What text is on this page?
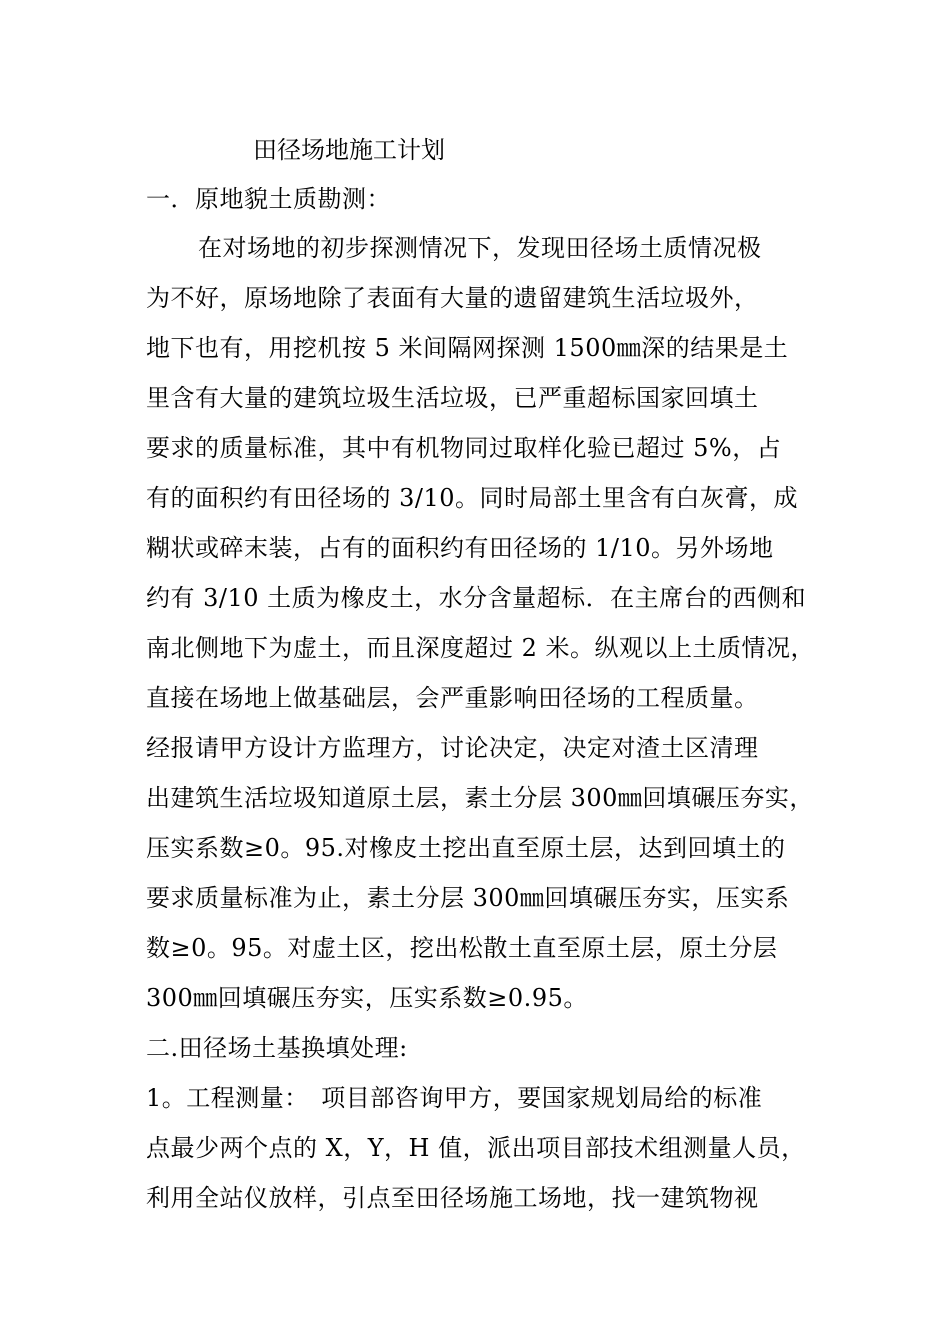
田径场地施工计划
一．原地貌土质勘测：
在对场地的初步探测情况下，发现田径场土质情况极
为不好，原场地除了表面有大量的遗留建筑生活垃圾外，
地下也有，用挖机按 5 米间隔网探测 1500㎜深的结果是土
里含有大量的建筑垃圾生活垃圾，已严重超标国家回填土
要求的质量标准，其中有机物同过取样化验已超过 5%，占
有的面积约有田径场的 3/10。同时局部土里含有白灰膏，成
糊状或碎末装，占有的面积约有田径场的 1/10。另外场地
约有 3/10 土质为橡皮土，水分含量超标．在主席台的西侧和
南北侧地下为虚土，而且深度超过 2 米。纵观以上土质情况，
直接在场地上做基础层，会严重影响田径场的工程质量。
经报请甲方设计方监理方，讨论决定，决定对渣土区清理
出建筑生活垃圾知道原土层，素土分层 300㎜回填碾压夯实，
压实系数≥0。95.对橡皮土挖出直至原土层，达到回填土的
要求质量标准为止，素土分层 300㎜回填碾压夯实，压实系
数≥0。95。对虚土区，挖出松散土直至原土层，原土分层
300㎜回填碾压夯实，压实系数≥0.95。
二.田径场土基换填处理:
1。工程测量：　项目部咨询甲方，要国家规划局给的标准
点最少两个点的 X，Y，H 值，派出项目部技术组测量人员，
利用全站仪放样，引点至田径场施工场地，找一建筑物视
